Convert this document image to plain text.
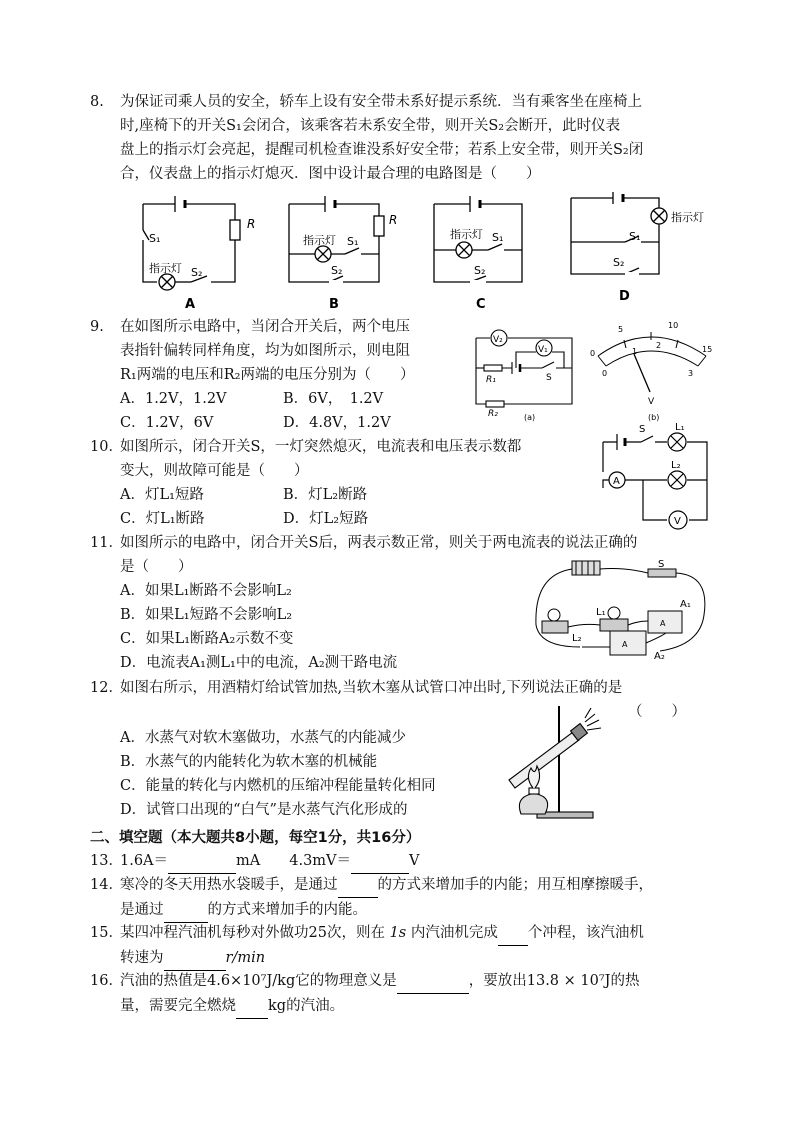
8. 为保证司乘人员的安全，轿车上设有安全带未系好提示系统．当有乘客坐在座椅上
时,座椅下的开关S₁会闭合，该乘客若未系安全带，则开关S₂会断开，此时仪表
盘上的指示灯会亮起，提醒司机检查谁没系好安全带；若系上安全带，则开关S₂闭
合，仪表盘上的指示灯熄灭．图中设计最合理的电路图是（　　）
R
S₁
指示灯 S₂
A
R
指示灯 S₁
S₂
B
指示灯 S₁
S₂
C
指示灯
S₁
S₂
D
9. 在如图所示电路中，当闭合开关后，两个电压
表指针偏转同样角度，均为如图所示，则电阻
R₁两端的电压和R₂两端的电压分别为（　　）
A．1.2V，1.2V	B．6V，　1.2V
C．1.2V，6V	D．4.8V，1.2V
V₂
V₁
R₁	S
R₂	(a)
0
5	10
15
0
1
2
3
V
(b)
10．如图所示，闭合开关S，一灯突然熄灭，电流表和电压表示数都
变大，则故障可能是（　　）
A．灯L₁短路	B．灯L₂断路
C．灯L₁断路	D．灯L₂短路
S	L₁
L₂
A
V
11．如图所示的电路中，闭合开关S后，两表示数正常，则关于两电流表的说法正确的
是（　　）
A．如果L₁断路不会影响L₂
B．如果L₁短路不会影响L₂
C．如果L₁断路A₂示数不变
D．电流表A₁测L₁中的电流，A₂测干路电流
S
L₁
A₁
A
L₂
A
A₂
12．如图右所示，用酒精灯给试管加热,当软木塞从试管口冲出时,下列说法正确的是
（　　）
A．水蒸气对软木塞做功，水蒸气的内能减少
B．水蒸气的内能转化为软木塞的机械能
C．能量的转化与内燃机的压缩冲程能量转化相同
D．试管口出现的“白气”是水蒸气汽化形成的
二、填空题（本大题共8小题，每空1分，共16分）
13．1.6A＝	mA　　4.3mV＝	V
14．寒冷的冬天用热水袋暖手，是通过	的方式来增加手的内能；用互相摩擦暖手，
是通过	的方式来增加手的内能。
15．某四冲程汽油机每秒对外做功25次，则在 1s 内汽油机完成 个冲程，该汽油机
转速为	r/min
16．汽油的热值是4.6×10⁷J/kg它的物理意义是	，要放出13.8 × 10⁷J的热
量，需要完全燃烧 kg的汽油。
